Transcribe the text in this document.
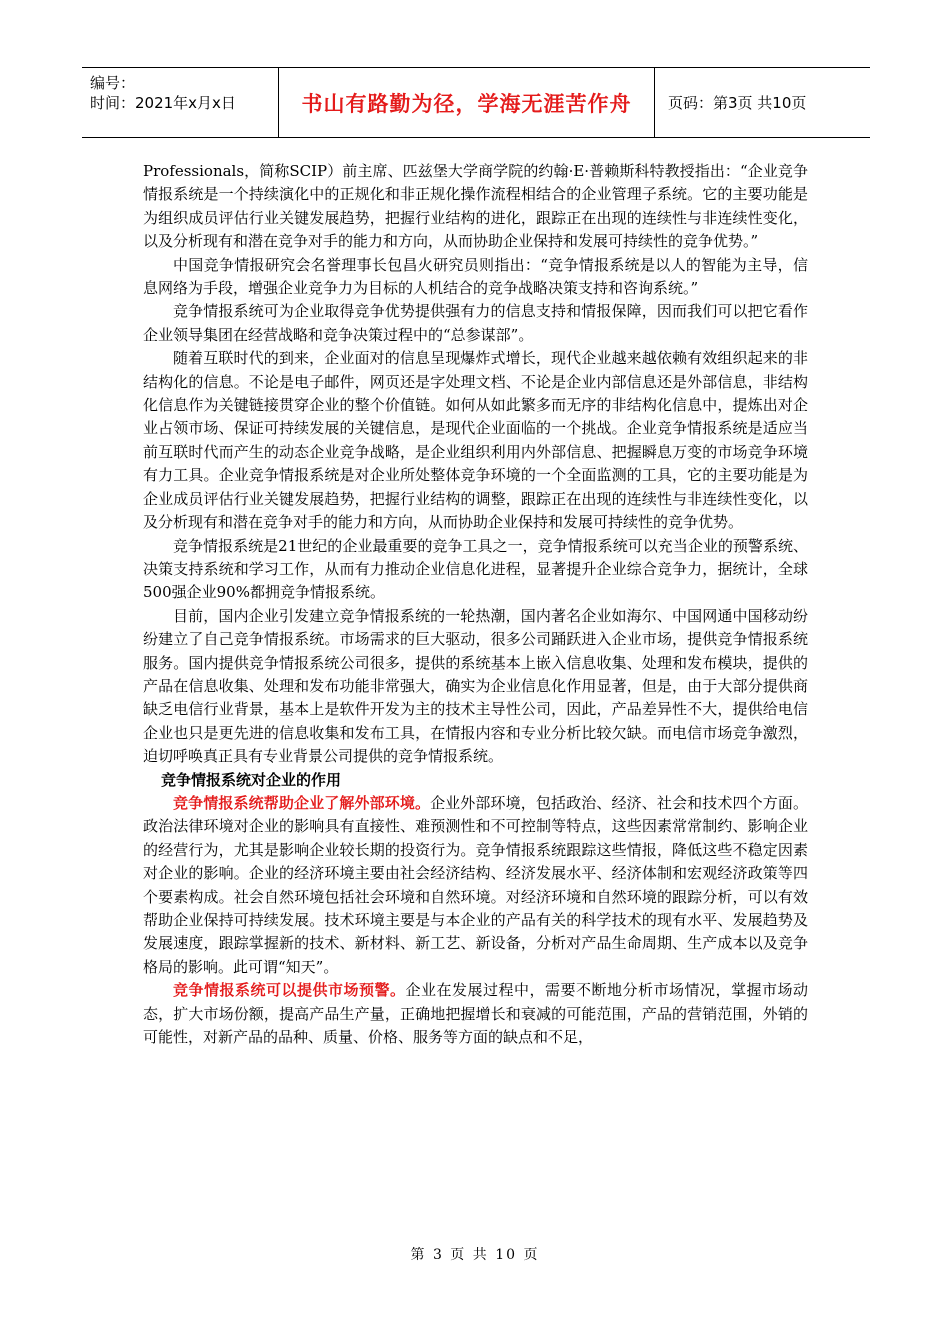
编号：
时间：2021年x月x日	书山有路勤为径，学海无涯苦作舟	页码：第3页 共10页

Professionals，简称SCIP）前主席、匹兹堡大学商学院的约翰·E·普赖斯科特教授指出：“企业竞争情报系统是一个持续演化中的正规化和非正规化操作流程相结合的企业管理子系统。它的主要功能是为组织成员评估行业关键发展趋势，把握行业结构的进化，跟踪正在出现的连续性与非连续性变化，以及分析现有和潜在竞争对手的能力和方向，从而协助企业保持和发展可持续性的竞争优势。”

中国竞争情报研究会名誉理事长包昌火研究员则指出：“竞争情报系统是以人的智能为主导，信息网络为手段，增强企业竞争力为目标的人机结合的竞争战略决策支持和咨询系统。”

竞争情报系统可为企业取得竞争优势提供强有力的信息支持和情报保障，因而我们可以把它看作企业领导集团在经营战略和竞争决策过程中的“总参谋部”。

随着互联时代的到来，企业面对的信息呈现爆炸式增长，现代企业越来越依赖有效组织起来的非结构化的信息。不论是电子邮件，网页还是字处理文档、不论是企业内部信息还是外部信息，非结构化信息作为关键链接贯穿企业的整个价值链。如何从如此繁多而无序的非结构化信息中，提炼出对企业占领市场、保证可持续发展的关键信息，是现代企业面临的一个挑战。企业竞争情报系统是适应当前互联时代而产生的动态企业竞争战略，是企业组织利用内外部信息、把握瞬息万变的市场竞争环境有力工具。企业竞争情报系统是对企业所处整体竞争环境的一个全面监测的工具，它的主要功能是为企业成员评估行业关键发展趋势，把握行业结构的调整，跟踪正在出现的连续性与非连续性变化，以及分析现有和潜在竞争对手的能力和方向，从而协助企业保持和发展可持续性的竞争优势。

竞争情报系统是21世纪的企业最重要的竞争工具之一，竞争情报系统可以充当企业的预警系统、决策支持系统和学习工作，从而有力推动企业信息化进程，显著提升企业综合竞争力，据统计，全球500强企业90%都拥竞争情报系统。

目前，国内企业引发建立竞争情报系统的一轮热潮，国内著名企业如海尔、中国网通中国移动纷纷建立了自己竞争情报系统。市场需求的巨大驱动，很多公司踊跃进入企业市场，提供竞争情报系统服务。国内提供竞争情报系统公司很多，提供的系统基本上嵌入信息收集、处理和发布模块，提供的产品在信息收集、处理和发布功能非常强大，确实为企业信息化作用显著，但是，由于大部分提供商缺乏电信行业背景，基本上是软件开发为主的技术主导性公司，因此，产品差异性不大，提供给电信企业也只是更先进的信息收集和发布工具，在情报内容和专业分析比较欠缺。而电信市场竞争激烈，迫切呼唤真正具有专业背景公司提供的竞争情报系统。

竞争情报系统对企业的作用

竞争情报系统帮助企业了解外部环境。企业外部环境，包括政治、经济、社会和技术四个方面。政治法律环境对企业的影响具有直接性、难预测性和不可控制等特点，这些因素常常制约、影响企业的经营行为，尤其是影响企业较长期的投资行为。竞争情报系统跟踪这些情报，降低这些不稳定因素对企业的影响。企业的经济环境主要由社会经济结构、经济发展水平、经济体制和宏观经济政策等四个要素构成。社会自然环境包括社会环境和自然环境。对经济环境和自然环境的跟踪分析，可以有效帮助企业保持可持续发展。技术环境主要是与本企业的产品有关的科学技术的现有水平、发展趋势及发展速度，跟踪掌握新的技术、新材料、新工艺、新设备，分析对产品生命周期、生产成本以及竞争格局的影响。此可谓“知天”。

竞争情报系统可以提供市场预警。企业在发展过程中，需要不断地分析市场情况，掌握市场动态，扩大市场份额，提高产品生产量，正确地把握增长和衰减的可能范围，产品的营销范围，外销的可能性，对新产品的品种、质量、价格、服务等方面的缺点和不足，

第 3 页 共 10 页
